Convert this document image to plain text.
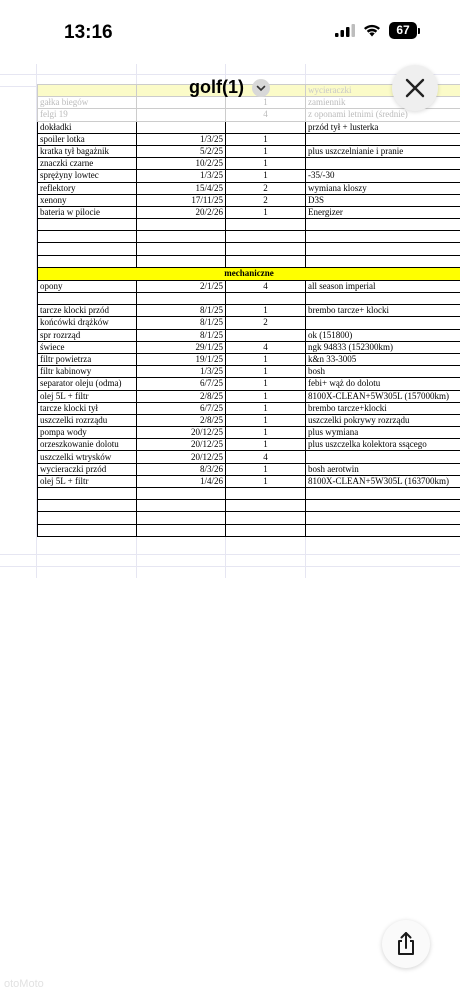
13:16	67
			wycieraczki
gałka biegów		1	zamiennik
felgi 19		4	z oponami letnimi (średnie)
dokładki			przód tył + lusterka
spoiler lotka	1/3/25	1	
kratka tył bagażnik	5/2/25	1	plus uszczelnianie i pranie
znaczki czarne	10/2/25	1	
sprężyny lowtec	1/3/25	1	-35/-30
reflektory	15/4/25	2	wymiana kloszy
xenony	17/11/25	2	D3S
bateria w pilocie	20/2/26	1	Energizer

mechaniczne			
opony	2/1/25	4	all season imperial

tarcze klocki przód	8/1/25	1	brembo tarcze+ klocki
końcówki drążków	8/1/25	2	
spr rozrząd	8/1/25		ok (151800)
świece	29/1/25	4	ngk 94833 (152300km)
filtr powietrza	19/1/25	1	k&n 33-3005
filtr kabinowy	1/3/25	1	bosh
separator oleju (odma)	6/7/25	1	febi+ wąż do dolotu
olej 5L + filtr	2/8/25	1	8100X-CLEAN+5W305L (157000km)
tarcze klocki tył	6/7/25	1	brembo tarcze+klocki
uszczelki rozrządu	2/8/25	1	uszczelki pokrywy rozrządu
pompa wody	20/12/25	1	plus wymiana
orzeszkowanie dolotu	20/12/25	1	plus uszczelka kolektora ssącego
uszczelki wtrysków	20/12/25	4	
wycieraczki przód	8/3/26	1	bosh aerotwin
olej 5L + filtr	1/4/26	1	8100X-CLEAN+5W305L (163700km)

golf(1)
otoMoto
